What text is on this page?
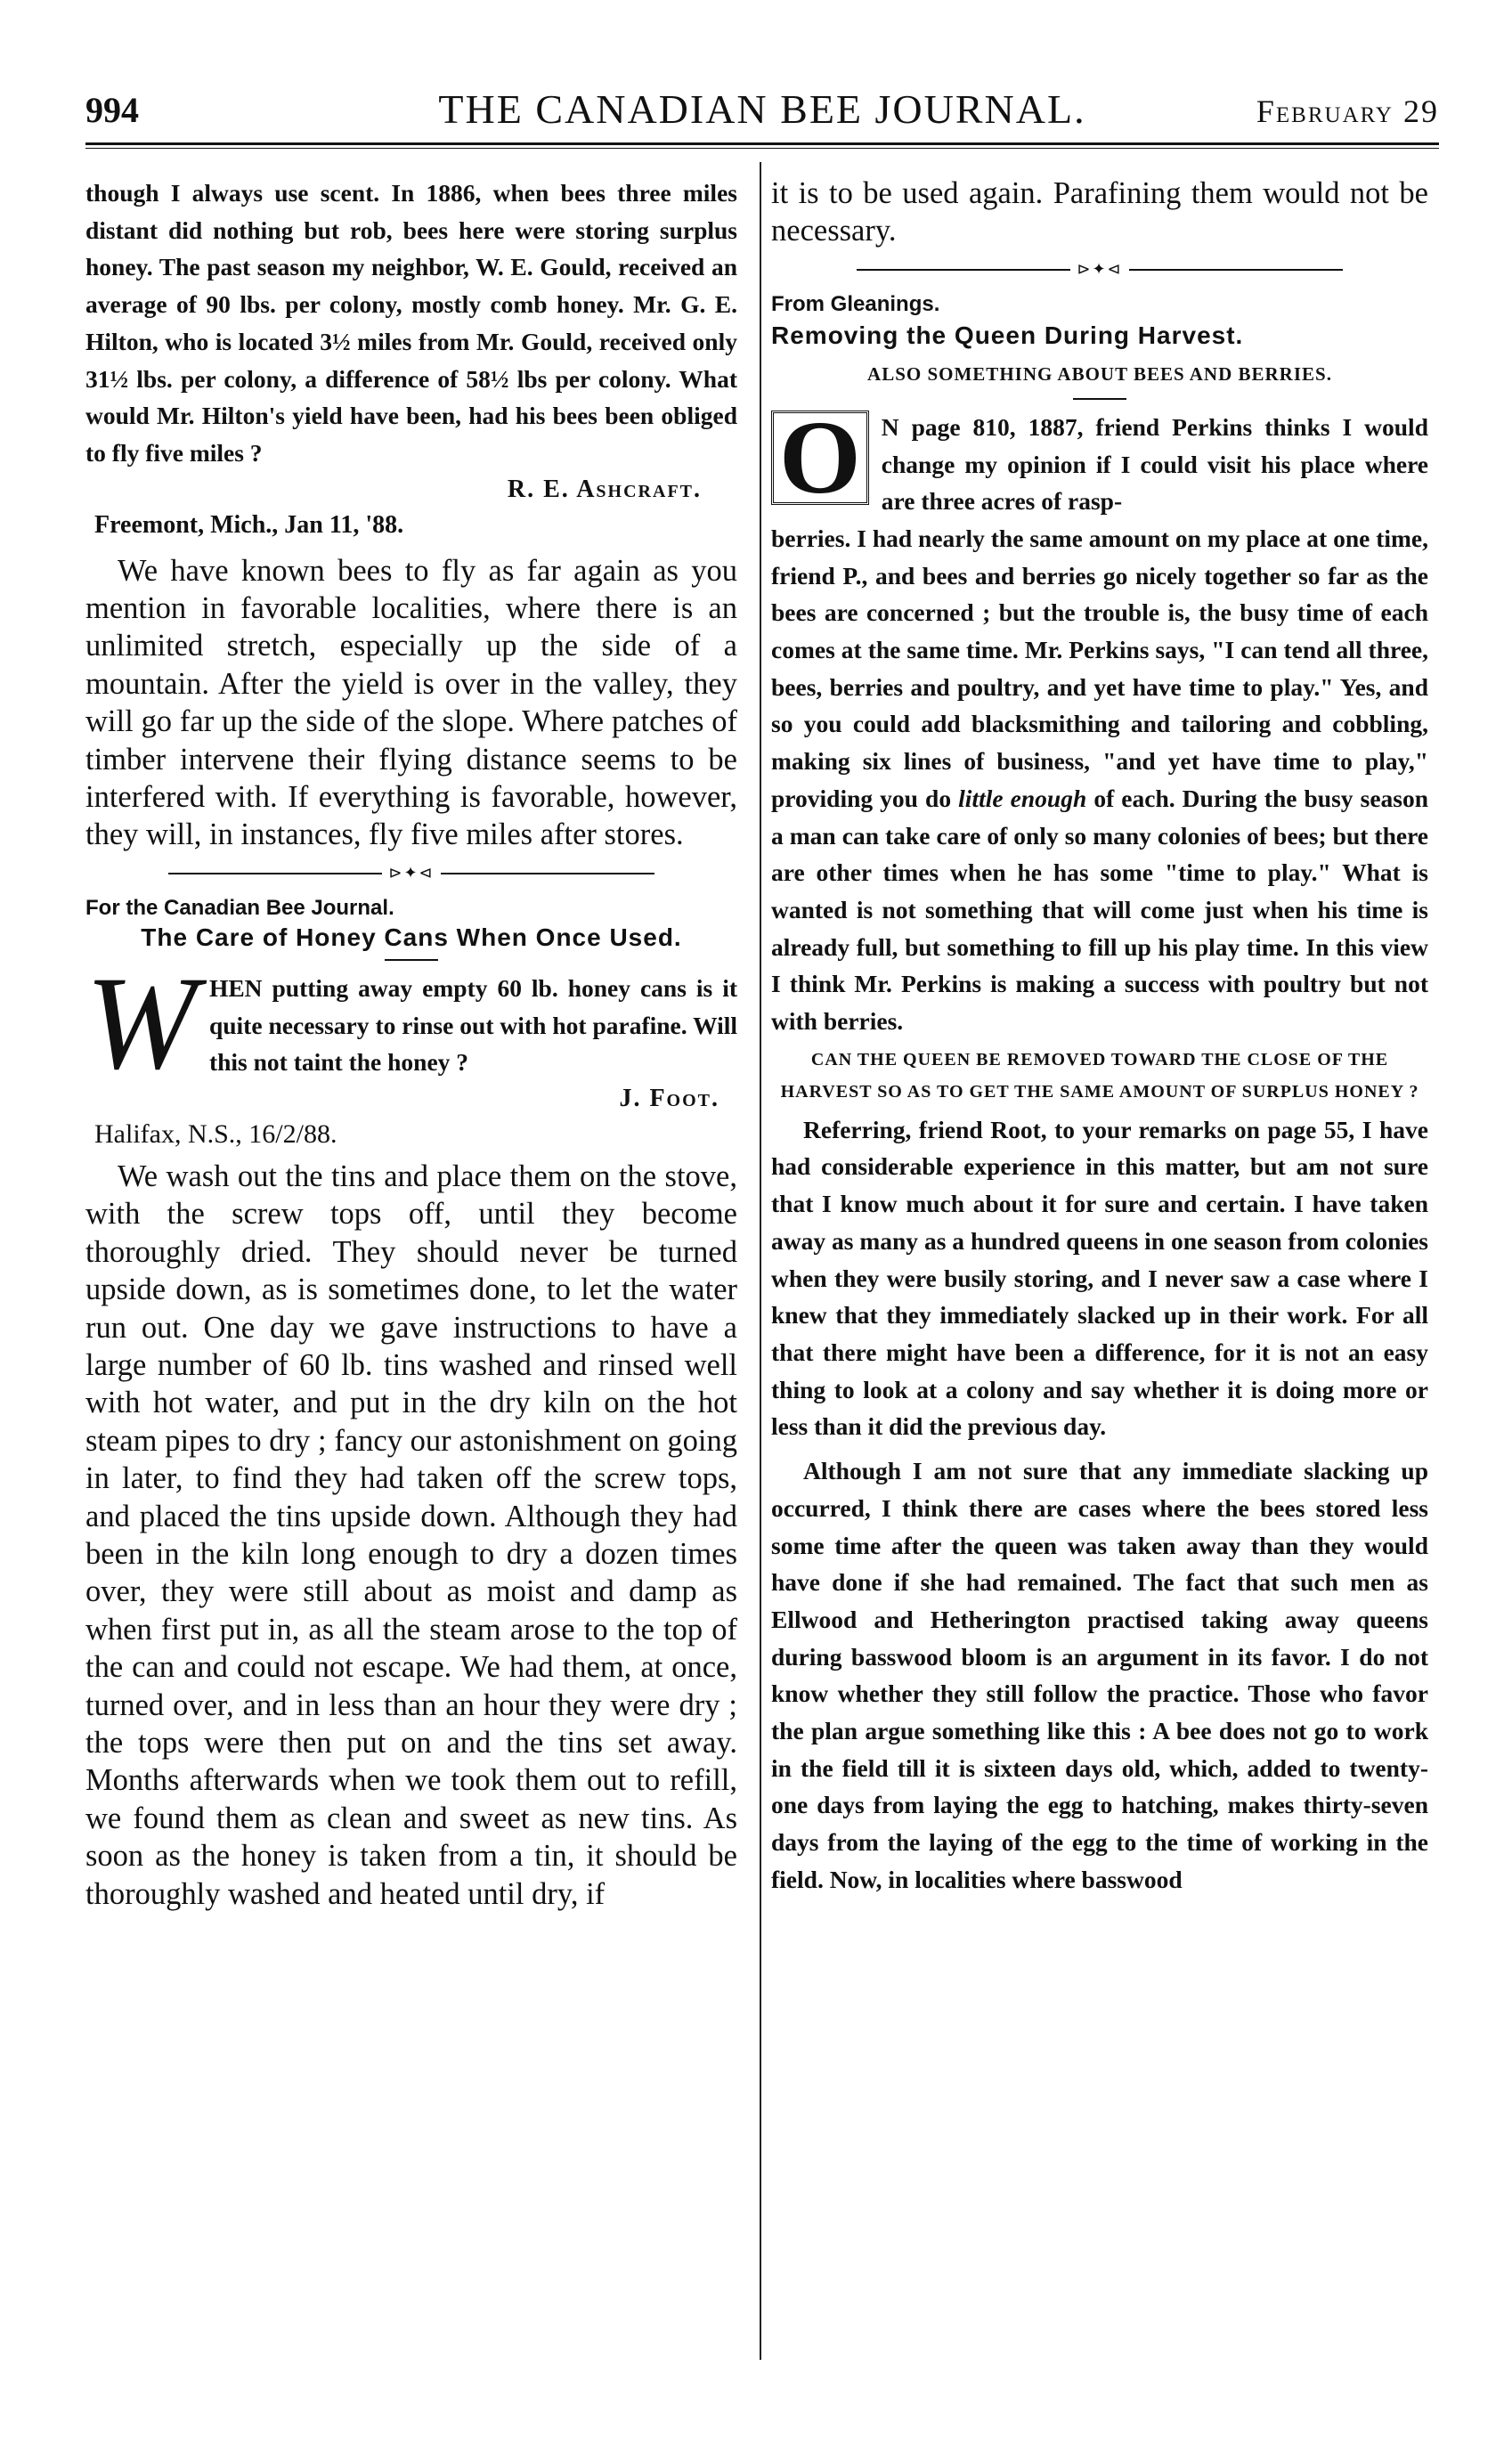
994	THE CANADIAN BEE JOURNAL.	February 29

though I always use scent. In 1886, when bees three miles distant did nothing but rob, bees here were storing surplus honey. The past season my neighbor, W. E. Gould, received an average of 90 lbs. per colony, mostly comb honey. Mr. G. E. Hilton, who is located 3½ miles from Mr. Gould, received only 31½ lbs. per colony, a difference of 58½ lbs per colony. What would Mr. Hilton's yield have been, had his bees been obliged to fly five miles ?

R. E. Ashcraft.
Freemont, Mich., Jan 11, '88.

We have known bees to fly as far again as you mention in favorable localities, where there is an unlimited stretch, especially up the side of a mountain. After the yield is over in the valley, they will go far up the side of the slope. Where patches of timber intervene their flying distance seems to be interfered with. If everything is favorable, however, they will, in instances, fly five miles after stores.

⊳✦⊲
For the Canadian Bee Journal.
The Care of Honey Cans When Once Used.
W HEN putting away empty 60 lb. honey cans is it quite necessary to rinse out with hot parafine. Will this not taint the honey ?

J. Foot.
Halifax, N.S., 16/2/88.

We wash out the tins and place them on the stove, with the screw tops off, until they become thoroughly dried. They should never be turned upside down, as is sometimes done, to let the water run out. One day we gave instructions to have a large number of 60 lb. tins washed and rinsed well with hot water, and put in the dry kiln on the hot steam pipes to dry ; fancy our astonishment on going in later, to find they had taken off the screw tops, and placed the tins upside down. Although they had been in the kiln long enough to dry a dozen times over, they were still about as moist and damp as when first put in, as all the steam arose to the top of the can and could not escape. We had them, at once, turned over, and in less than an hour they were dry ; the tops were then put on and the tins set away. Months afterwards when we took them out to refill, we found them as clean and sweet as new tins. As soon as the honey is taken from a tin, it should be thoroughly washed and heated until dry, if

it is to be used again. Parafining them would not be necessary.

⊳✦⊲
From Gleanings.
Removing the Queen During Harvest.
ALSO SOMETHING ABOUT BEES AND BERRIES.
O N page 810, 1887, friend Perkins thinks I would change my opinion if I could visit his place where are three acres of rasp-

berries. I had nearly the same amount on my place at one time, friend P., and bees and berries go nicely together so far as the bees are concerned ; but the trouble is, the busy time of each comes at the same time. Mr. Perkins says, "I can tend all three, bees, berries and poultry, and yet have time to play." Yes, and so you could add blacksmithing and tailoring and cobbling, making six lines of business, "and yet have time to play," providing you do little enough of each. During the busy season a man can take care of only so many colonies of bees; but there are other times when he has some "time to play." What is wanted is not something that will come just when his time is already full, but something to fill up his play time. In this view I think Mr. Perkins is making a success with poultry but not with berries.

CAN THE QUEEN BE REMOVED TOWARD THE CLOSE OF THE HARVEST SO AS TO GET THE SAME AMOUNT OF SURPLUS HONEY ?

Referring, friend Root, to your remarks on page 55, I have had considerable experience in this matter, but am not sure that I know much about it for sure and certain. I have taken away as many as a hundred queens in one season from colonies when they were busily storing, and I never saw a case where I knew that they immediately slacked up in their work. For all that there might have been a difference, for it is not an easy thing to look at a colony and say whether it is doing more or less than it did the previous day.

Although I am not sure that any immediate slacking up occurred, I think there are cases where the bees stored less some time after the queen was taken away than they would have done if she had remained. The fact that such men as Ellwood and Hetherington practised taking away queens during basswood bloom is an argument in its favor. I do not know whether they still follow the practice. Those who favor the plan argue something like this : A bee does not go to work in the field till it is sixteen days old, which, added to twenty-one days from laying the egg to hatching, makes thirty-seven days from the laying of the egg to the time of working in the field. Now, in localities where basswood
